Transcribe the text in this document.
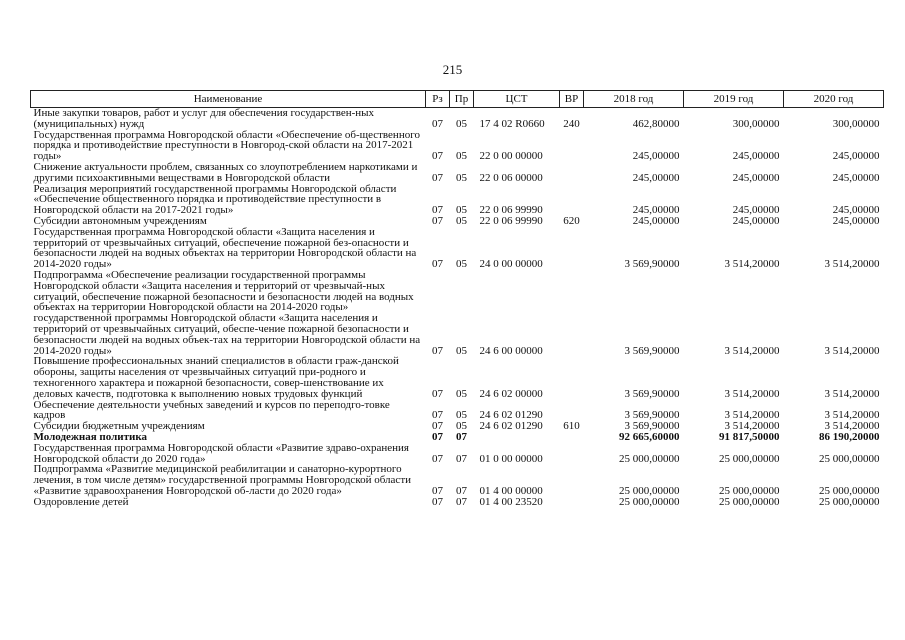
215
Наименование	Рз	Пр	ЦСТ	ВР	2018 год	2019 год	2020 год
Иные закупки товаров, работ и услуг для обеспечения государствен-ных (муниципальных) нужд	07	05	17 4 02 R0660	240	462,80000	300,00000	300,00000
Государственная программа Новгородской области «Обеспечение об-щественного порядка и противодействие преступности в Новгород-ской области на 2017-2021 годы»	07	05	22 0 00 00000		245,00000	245,00000	245,00000
Снижение актуальности проблем, связанных со злоупотреблением наркотиками и другими психоактивными веществами в Новгородской области	07	05	22 0 06 00000		245,00000	245,00000	245,00000
Реализация мероприятий государственной программы Новгородской области «Обеспечение общественного порядка и противодействие преступности в Новгородской области на 2017-2021 годы»	07	05	22 0 06 99990		245,00000	245,00000	245,00000
Субсидии автономным учреждениям	07	05	22 0 06 99990	620	245,00000	245,00000	245,00000
Государственная программа Новгородской области «Защита населения и территорий от чрезвычайных ситуаций, обеспечение пожарной без-опасности и безопасности людей на водных объектах на территории Новгородской области на 2014-2020 годы»	07	05	24 0 00 00000		3 569,90000	3 514,20000	3 514,20000
Подпрограмма «Обеспечение реализации государственной программы Новгородской области «Защита населения и территорий от чрезвычай-ных ситуаций, обеспечение пожарной безопасности и безопасности людей на водных объектах на территории Новгородской области на 2014-2020 годы» государственной программы Новгородской области «Защита населения и территорий от чрезвычайных ситуаций, обеспе-чение пожарной безопасности и безопасности людей на водных объек-тах на территории Новгородской области на 2014-2020 годы»	07	05	24 6 00 00000		3 569,90000	3 514,20000	3 514,20000
Повышение профессиональных знаний специалистов в области граж-данской обороны, защиты населения от чрезвычайных ситуаций при-родного и техногенного характера и пожарной безопасности, совер-шенствование их деловых качеств, подготовка к выполнению новых трудовых функций	07	05	24 6 02 00000		3 569,90000	3 514,20000	3 514,20000
Обеспечение деятельности учебных заведений и курсов по переподго-товке кадров	07	05	24 6 02 01290		3 569,90000	3 514,20000	3 514,20000
Субсидии бюджетным учреждениям	07	05	24 6 02 01290	610	3 569,90000	3 514,20000	3 514,20000
Молодежная политика	07	07			92 665,60000	91 817,50000	86 190,20000
Государственная программа Новгородской области «Развитие здраво-охранения Новгородской области до 2020 года»	07	07	01 0 00 00000		25 000,00000	25 000,00000	25 000,00000
Подпрограмма «Развитие медицинской реабилитации и санаторно-курортного лечения, в том числе детям» государственной программы Новгородской области «Развитие здравоохранения Новгородской об-ласти до 2020 года»	07	07	01 4 00 00000		25 000,00000	25 000,00000	25 000,00000
Оздоровление детей	07	07	01 4 00 23520		25 000,00000	25 000,00000	25 000,00000
